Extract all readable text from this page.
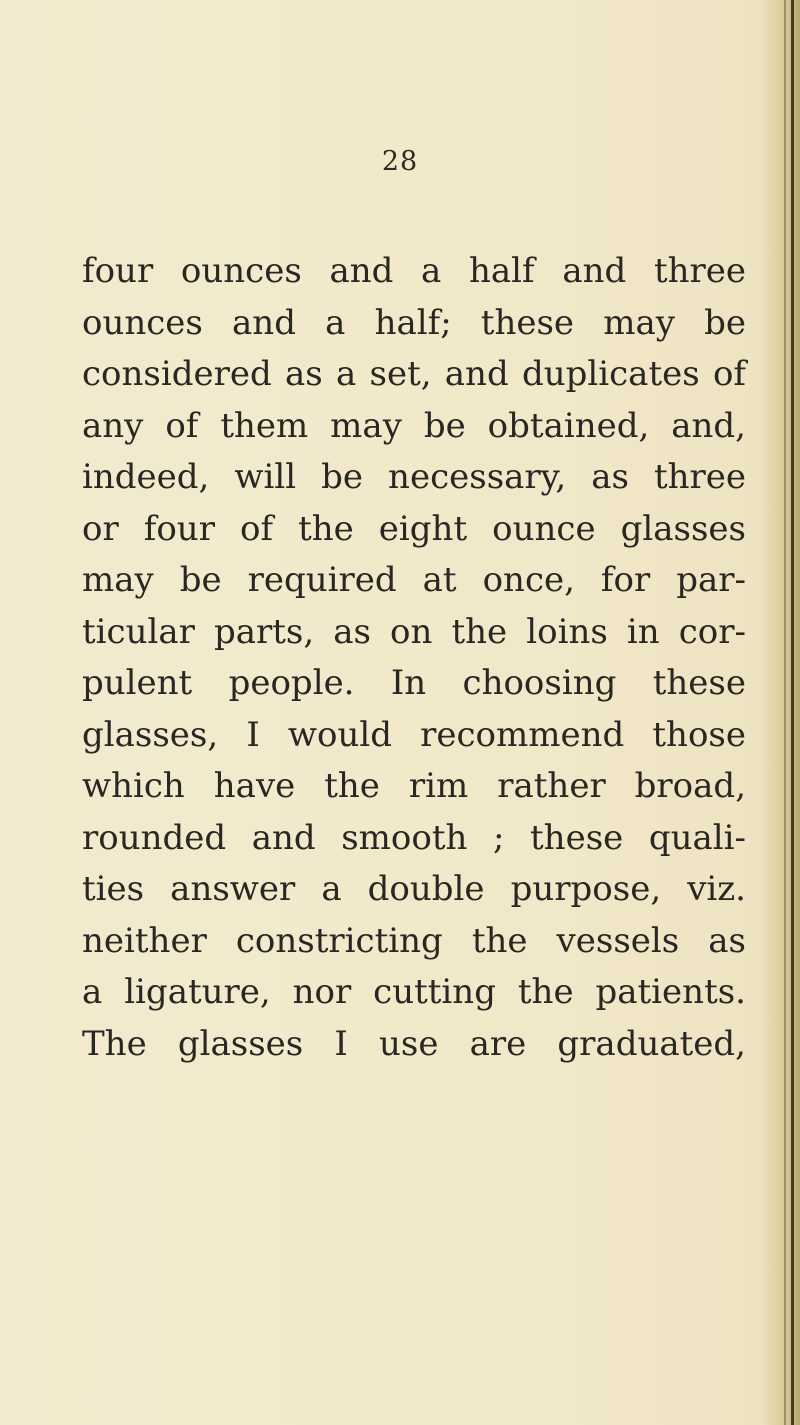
28
four ounces and a half and three
ounces and a half; these may be
considered as a set, and duplicates of
any of them may be obtained, and,
indeed, will be necessary, as three
or four of the eight ounce glasses
may be required at once, for par-
ticular parts, as on the loins in cor-
pulent people. In choosing these
glasses, I would recommend those
which have the rim rather broad,
rounded and smooth ; these quali-
ties answer a double purpose, viz.
neither constricting the vessels as
a ligature, nor cutting the patients.
The glasses I use are graduated,
